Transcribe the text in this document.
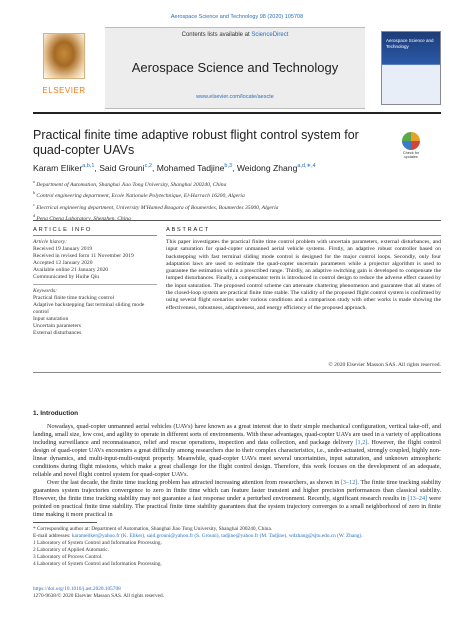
Aerospace Science and Technology 98 (2020) 105708
ELSEVIER
Contents lists available at ScienceDirect
Aerospace Science and Technology
www.elsevier.com/locate/aescte
Aerospace Science and Technology
Practical finite time adaptive robust flight control system for quad-copter UAVs	Check for updates
Karam Eliker$^{a,b,1}$, Said Grouni$^{c,2}$, Mohamed Tadjine$^{b,3}$, Weidong Zhang$^{a,d,∗,4}$
$^a$ Department of Automation, Shanghai Jiao Tong University, Shanghai 200240, China
$^b$ Control engineering department, Ecole Nationale Polytechnique, El-Harrach 16200, Algeria
$^c$ Electrical engineering department, University M'Hamed Bougara of Boumerdes, Boumerdes 35000, Algeria
$^d$ Peng Cheng Laboratory, Shenzhen, China
ARTICLE INFO	ABSTRACT
Article history:
Received 19 January 2019
Received in revised form 11 November 2019
Accepted 12 January 2020
Available online 21 January 2020
Communicated by Huihe Qiu
Keywords:
Practical finite time tracking control
Adaptive backstepping fast terminal sliding mode control
Input saturation
Uncertain parameters
External disturbances
This paper investigates the practical finite time control problem with uncertain parameters, external disturbances, and input saturation for quad-copter unmanned aerial vehicle systems. Firstly, an adaptive robust controller based on backstepping with fast terminal sliding mode control is designed for the major control loops. Secondly, only four adaptation laws are used to estimate the quad-copter uncertain parameters while a projector algorithm is used to guarantee the estimation within a prescribed range. Thirdly, an adaptive switching gain is developed to compensate the lumped disturbances. Finally, a compensator term is introduced in control design to reduce the adverse effect caused by the input saturation. The proposed control scheme can attenuate chattering phenomenon and guarantee that all states of the closed-loop system are practical finite time stable. The validity of the proposed flight control system is confirmed by using several flight scenarios under various conditions and a comparison study with other works is made showing the effectiveness, robustness, adaptiveness, and energy efficiency of the proposed approach.
© 2020 Elsevier Masson SAS. All rights reserved.
1. Introduction

Nowadays, quad-copter unmanned aerial vehicles (UAVs) have known as a great interest due to their simple mechanical configuration, vertical take-off, and landing, small size, low cost, and agility to operate in different sorts of environments. With these advantages, quad-copter UAVs are used in a variety of applications including surveillance and reconnaissance, relief and rescue operations, inspection and data collection, and package delivery [1,2]. However, the flight control design of quad-copter UAVs encounters a great difficulty among researchers due to their complex characteristics, i.e., under-actuated, strongly coupled, highly non-linear dynamics, and multi-input-multi-output property. Meanwhile, quad-copter UAVs meet several uncertainties, input saturation, and unknown atmospheric conditions during flight missions, which make a great challenge for the flight control design. Therefore, this work focuses on the development of an adequate, reliable and novel flight control system for quad-copter UAVs.

Over the last decade, the finite time tracking problem has attracted increasing attention from researchers, as shown in [3–12]. The finite time tracking stability guarantees system trajectories convergence to zero in finite time which can feature faster transient and higher precision performances than classical stability. However, the finite time tracking stability may not guarantee a fast response under a perturbed environment. Recently, significant research results in [13–24] were pointed on practical finite time stability. The practical finite time stability guarantees that the system trajectory converges to a small neighborhood of zero in finite time making it more practical in

* Corresponding author at: Department of Automation, Shanghai Jiao Tong University, Shanghai 200240, China.
E-mail addresses: karameliker@yahoo.fr (K. Eliker), said.grouni@yahoo.fr (S. Grouni), tadjine@yahoo.fr (M. Tadjine), wdzhang@sjtu.edu.cn (W. Zhang).
1 Laboratory of System Control and Information Processing.
2 Laboratory of Applied Automatic.
3 Laboratory of Process Control.
4 Laboratory of System Control and Information Processing.
https://doi.org/10.1016/j.ast.2020.105708
1270-9638/© 2020 Elsevier Masson SAS. All rights reserved.
